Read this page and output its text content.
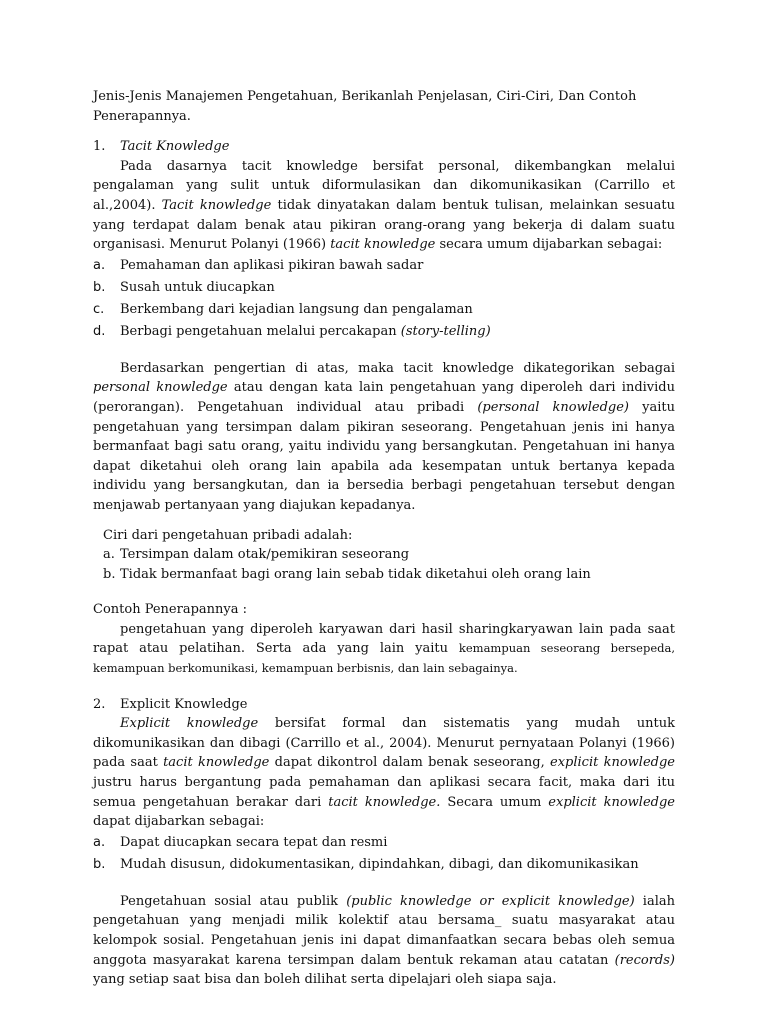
Jenis-Jenis Manajemen Pengetahuan, Berikanlah Penjelasan, Ciri-Ciri, Dan Contoh Penerapannya.

1.	Tacit Knowledge

Pada dasarnya tacit knowledge bersifat personal, dikembangkan melalui pengalaman yang sulit untuk diformulasikan dan dikomunikasikan (Carrillo et al.,2004). Tacit knowledge tidak dinyatakan dalam bentuk tulisan, melainkan sesuatu yang terdapat dalam benak atau pikiran orang-orang yang bekerja di dalam suatu organisasi. Menurut Polanyi (1966) tacit knowledge secara umum dijabarkan sebagai:

a.	Pemahaman dan aplikasi pikiran bawah sadar
b.	Susah untuk diucapkan
c.	Berkembang dari kejadian langsung dan pengalaman
d.	Berbagi pengetahuan melalui percakapan (story-telling)

Berdasarkan pengertian di atas, maka tacit knowledge dikategorikan sebagai personal knowledge atau dengan kata lain pengetahuan yang diperoleh dari individu (perorangan). Pengetahuan individual atau pribadi (personal knowledge) yaitu pengetahuan yang tersimpan dalam pikiran seseorang. Pengetahuan jenis ini hanya bermanfaat bagi satu orang, yaitu individu yang bersangkutan. Pengetahuan ini hanya dapat diketahui oleh orang lain apabila ada kesempatan untuk bertanya kepada individu yang bersangkutan, dan ia bersedia berbagi pengetahuan tersebut dengan menjawab pertanyaan yang diajukan kepadanya.

Ciri dari pengetahuan pribadi adalah:

a. Tersimpan dalam otak/pemikiran seseorang
b. Tidak bermanfaat bagi orang lain sebab tidak diketahui oleh orang lain

Contoh Penerapannya :

pengetahuan yang diperoleh karyawan dari hasil sharingkaryawan lain pada saat rapat atau pelatihan. Serta ada yang lain yaitu kemampuan seseorang bersepeda, kemampuan berkomunikasi, kemampuan berbisnis, dan lain sebagainya.

2.	Explicit Knowledge

Explicit knowledge bersifat formal dan sistematis yang mudah untuk dikomunikasikan dan dibagi (Carrillo et al., 2004). Menurut pernyataan Polanyi (1966) pada saat tacit knowledge dapat dikontrol dalam benak seseorang, explicit knowledge justru harus bergantung pada pemahaman dan aplikasi secara facit, maka dari itu semua pengetahuan berakar dari tacit knowledge. Secara umum explicit knowledge dapat dijabarkan sebagai:

a.	Dapat diucapkan secara tepat dan resmi
b.	Mudah disusun, didokumentasikan, dipindahkan, dibagi, dan dikomunikasikan

Pengetahuan sosial atau publik (public knowledge or explicit knowledge) ialah pengetahuan yang menjadi milik kolektif atau bersama_ suatu masyarakat atau kelompok sosial. Pengetahuan jenis ini dapat dimanfaatkan secara bebas oleh semua anggota masyarakat karena tersimpan dalam bentuk rekaman atau catatan (records) yang setiap saat bisa dan boleh dilihat serta dipelajari oleh siapa saja.
